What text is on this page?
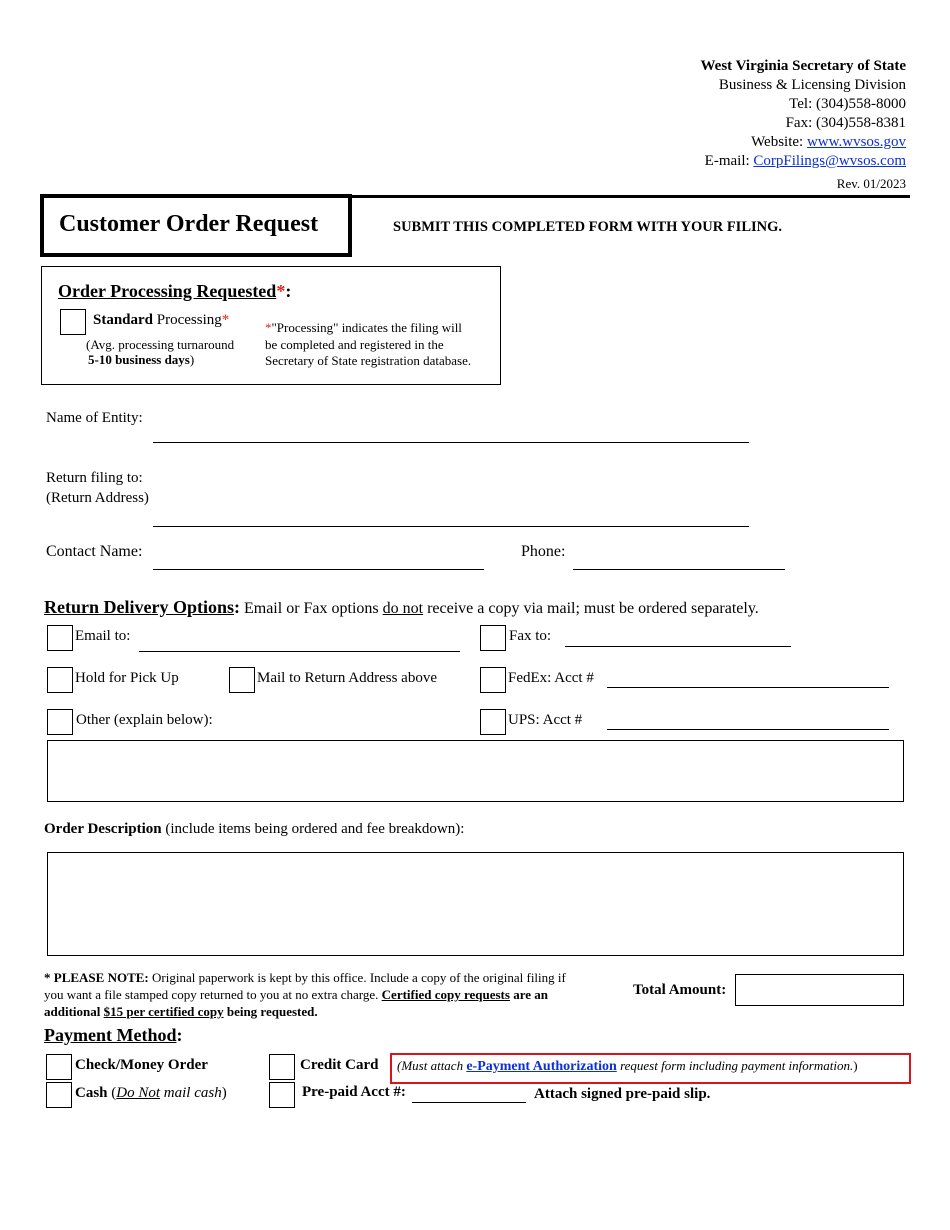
West Virginia Secretary of State
Business & Licensing Division
Tel: (304)558-8000
Fax: (304)558-8381
Website: www.wvsos.gov
E-mail: CorpFilings@wvsos.com
Rev. 01/2023
Customer Order Request	SUBMIT THIS COMPLETED FORM WITH YOUR FILING.
Order Processing Requested*:
Standard Processing*
(Avg. processing turnaround
5-10 business days)
*"Processing" indicates the filing will
be completed and registered in the
Secretary of State registration database.
Name of Entity:
Return filing to:
(Return Address)
Contact Name:	Phone:
Return Delivery Options: Email or Fax options do not receive a copy via mail; must be ordered separately.
Email to:	Fax to:
Hold for Pick Up	Mail to Return Address above	FedEx: Acct #
Other (explain below):	UPS: Acct #
Order Description (include items being ordered and fee breakdown):
* PLEASE NOTE: Original paperwork is kept by this office. Include a copy of the original filing if
you want a file stamped copy returned to you at no extra charge. Certified copy requests are an
additional $15 per certified copy being requested.
Total Amount:
Payment Method:
Check/Money Order	Credit Card (Must attach e-Payment Authorization request form including payment information.)
Cash (Do Not mail cash)	Pre-paid Acct #:	Attach signed pre-paid slip.
